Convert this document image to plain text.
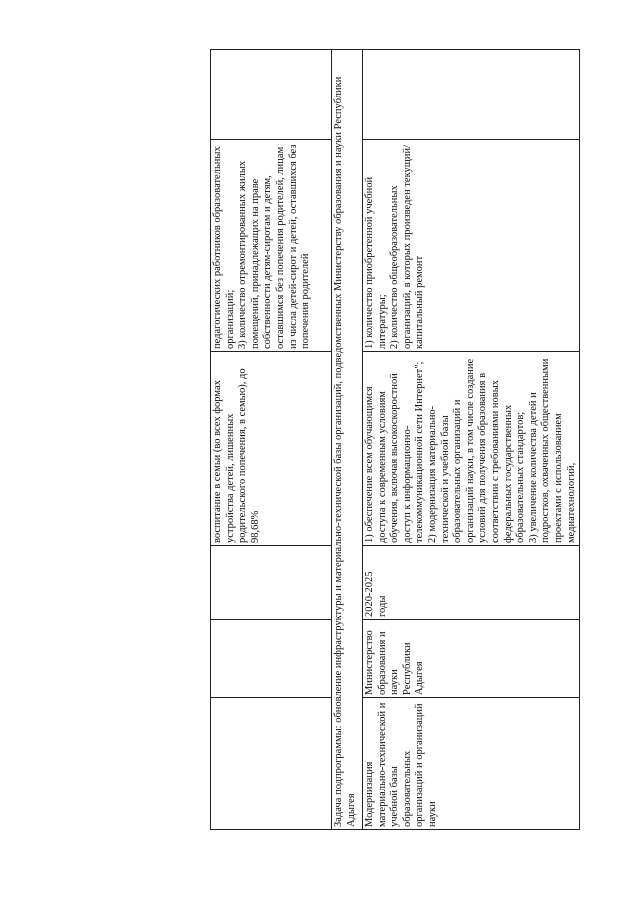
			воспитание в семьи (во всех формах устройства детей, лишенных родительского попечения, в семью), до 98,68%	педагогических работников образовательных организаций;
3) количество отремонтированных жилых помещений, принадлежащих на праве собственности детям-сиротам и детям, оставшимся без попечения родителей, лицам из числа детей-сирот и детей, оставшихся без попечения родителей	
Задача подпрограммы: обновление инфраструктуры и материально-технической базы организаций, подведомственных Министерству образования и науки Республики Адыгея					
Модернизация материально-технической и учебной базы образовательных организаций и организаций науки	Министерство образования и науки Республики Адыгея	2020-2025 годы	1) обеспечение всем обучающимся доступа к современным условиям обучения, включая высокоскоростной доступ к информационно-телекоммуникационной сети Интернет";
2) модернизация материально-технической и учебной базы образовательных организаций и организаций науки, в том числе создание условий для получения образования в соответствии с требованиями новых федеральных государственных образовательных стандартов;
3) увеличение количества детей и подростков, охваченных общественными проектами с использованием медиатехнологий,	1) количество приобретенной учебной литературы;
2) количество общеобразовательных организаций, в которых произведен текущий/капитальный ремонт	
